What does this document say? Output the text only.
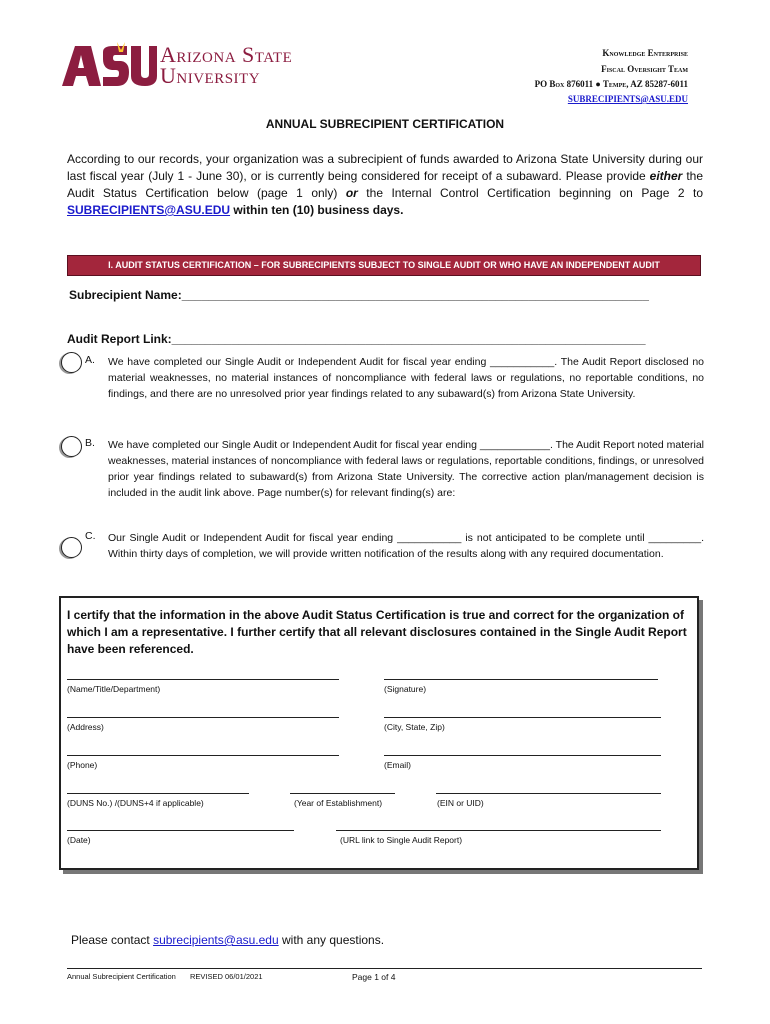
Arizona State
University
Knowledge Enterprise
Fiscal Oversight Team
PO Box 876011 ● Tempe, AZ 85287-6011
SUBRECIPIENTS@ASU.EDU
ANNUAL SUBRECIPIENT CERTIFICATION
According to our records, your organization was a subrecipient of funds awarded to Arizona State University during our last fiscal year (July 1 - June 30), or is currently being considered for receipt of a subaward. Please provide either the Audit Status Certification below (page 1 only) or the Internal Control Certification beginning on Page 2 to SUBRECIPIENTS@ASU.EDU within ten (10) business days.
I. AUDIT STATUS CERTIFICATION – FOR SUBRECIPIENTS SUBJECT TO SINGLE AUDIT OR WHO HAVE AN INDEPENDENT AUDIT
Subrecipient Name:______________________________________________________________________
Audit Report Link:_______________________________________________________________________
A. We have completed our Single Audit or Independent Audit for fiscal year ending ___________. The Audit Report disclosed no material weaknesses, no material instances of noncompliance with federal laws or regulations, no reportable conditions, no findings, and there are no unresolved prior year findings related to any subaward(s) from Arizona State University.
B. We have completed our Single Audit or Independent Audit for fiscal year ending ____________. The Audit Report noted material weaknesses, material instances of noncompliance with federal laws or regulations, reportable conditions, findings, or unresolved prior year findings related to subaward(s) from Arizona State University. The corrective action plan/management decision is included in the audit link above. Page number(s) for relevant finding(s) are:
C. Our Single Audit or Independent Audit for fiscal year ending ___________ is not anticipated to be complete until _________. Within thirty days of completion, we will provide written notification of the results along with any required documentation.
I certify that the information in the above Audit Status Certification is true and correct for the organization of which I am a representative. I further certify that all relevant disclosures contained in the Single Audit Report have been referenced.
(Name/Title/Department)	(Signature)
(Address)	(City, State, Zip)
(Phone)	(Email)
(DUNS No.) /(DUNS+4 if applicable)	(Year of Establishment)	(EIN or UID)
(Date)	(URL link to Single Audit Report)
Please contact subrecipients@asu.edu with any questions.
Annual Subrecipient Certification REVISED 06/01/2021	Page 1 of 4
